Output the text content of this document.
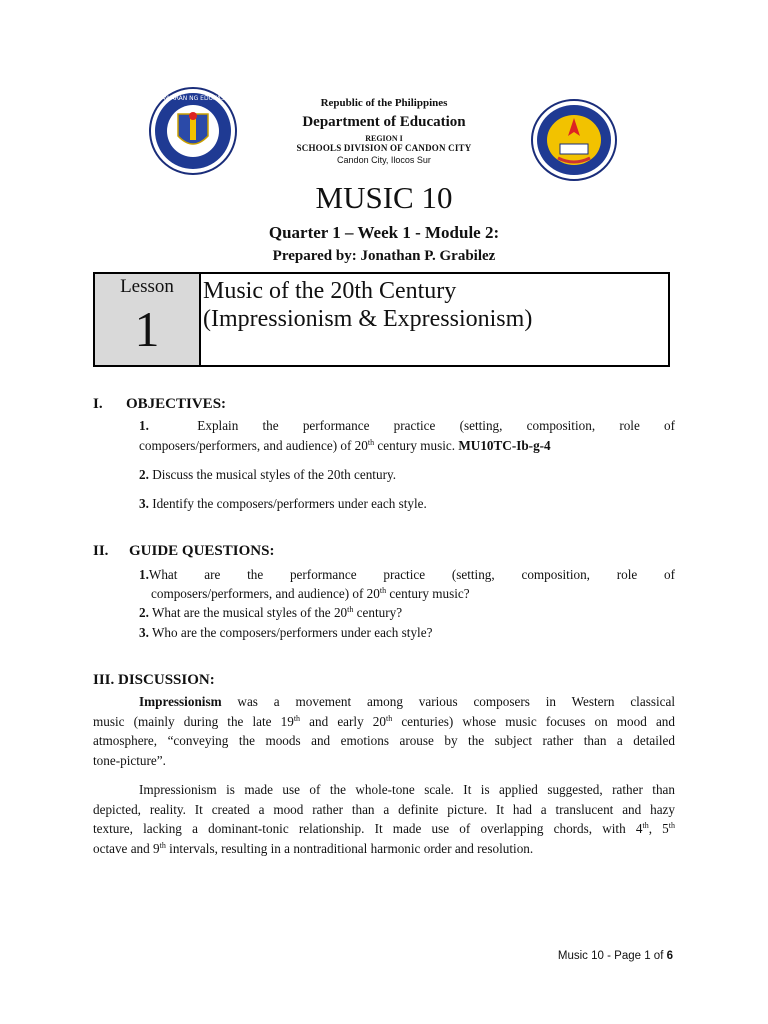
KAGAWARAN NG EDUKASYON	Republic of the Philippines
Department of Education
REGION I
SCHOOLS DIVISION OF CANDON CITY
Candon City, Ilocos Sur
MUSIC 10
Quarter 1 – Week 1 - Module 2:
Prepared by: Jonathan P. Grabilez
Lesson
1
Music of the 20th Century
(Impressionism & Expressionism)
I. OBJECTIVES:
1.	Explain the performance practice (setting, composition, role of
composers/performers, and audience) of 20th century music. MU10TC-Ib-g-4
2. Discuss the musical styles of the 20th century.
3. Identify the composers/performers under each style.
II. GUIDE QUESTIONS:
1.What are the performance practice (setting, composition, role of
composers/performers, and audience) of 20th century music?
2. What are the musical styles of the 20th century?
3. Who are the composers/performers under each style?
III. DISCUSSION:
Impressionism was a movement among various composers in Western classical
music (mainly during the late 19th and early 20th centuries) whose music focuses on mood and
atmosphere, “conveying the moods and emotions arouse by the subject rather than a detailed
tone-picture”.
Impressionism is made use of the whole-tone scale. It is applied suggested, rather than
depicted, reality. It created a mood rather than a definite picture. It had a translucent and hazy
texture, lacking a dominant-tonic relationship. It made use of overlapping chords, with 4th, 5th
octave and 9th intervals, resulting in a nontraditional harmonic order and resolution.
Music 10 - Page 1 of 6
